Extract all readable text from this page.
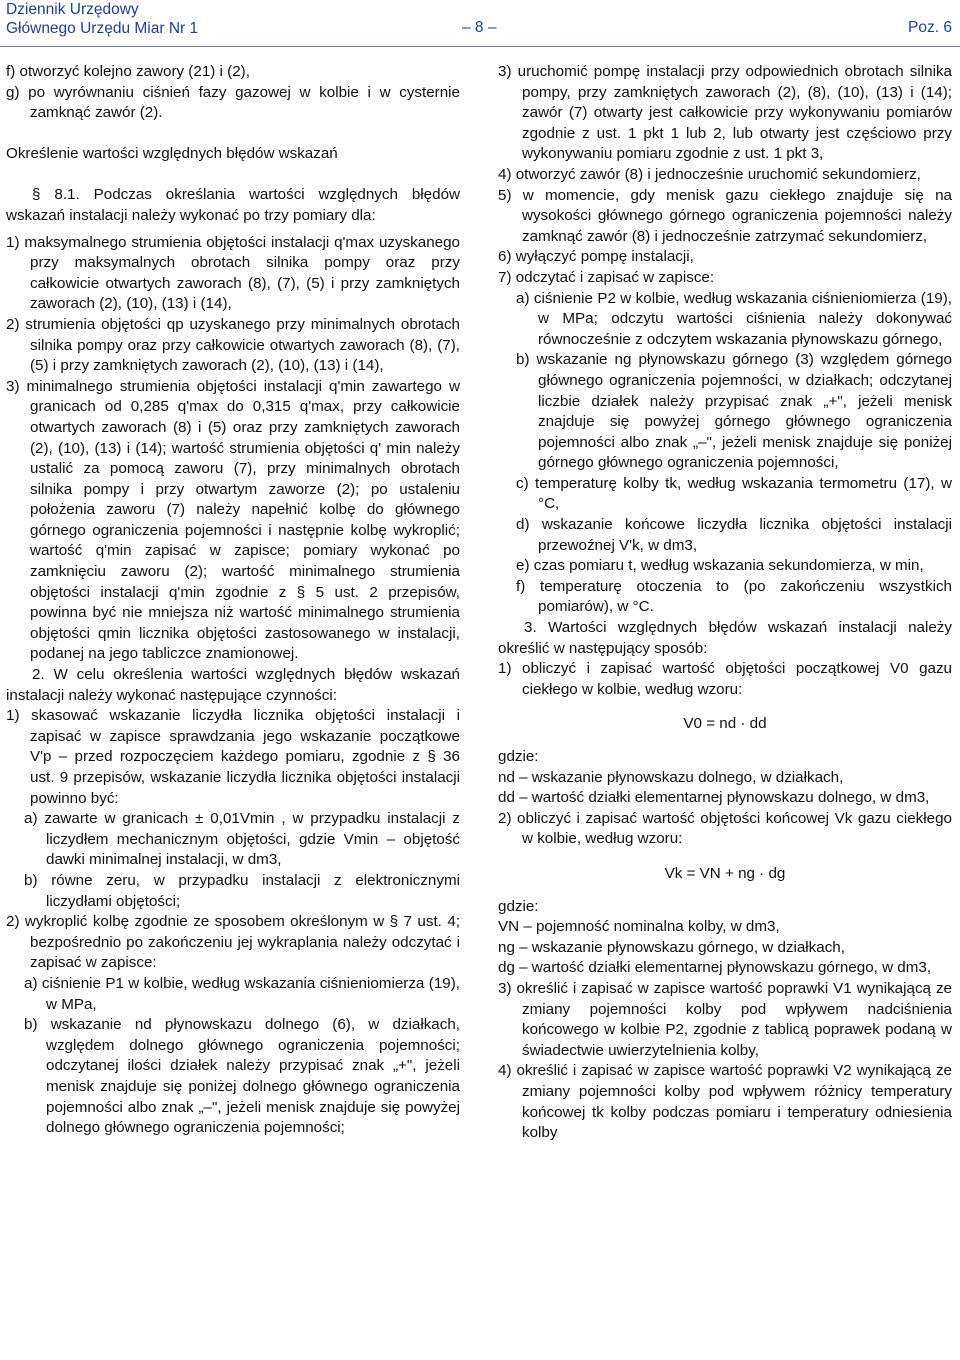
Dziennik Urzędowy
Głównego Urzędu Miar Nr 1	– 8 –	Poz. 6

f) otworzyć kolejno zawory (21) i (2),

g) po wyrównaniu ciśnień fazy gazowej w kolbie i w cysternie zamknąć zawór (2).

Określenie wartości względnych błędów wskazań

§ 8.1. Podczas określania wartości względnych błędów wskazań instalacji należy wykonać po trzy pomiary dla:

1) maksymalnego strumienia objętości instalacji q'max uzyskanego przy maksymalnych obrotach silnika pompy oraz przy całkowicie otwartych zaworach (8), (7), (5) i przy zamkniętych zaworach (2), (10), (13) i (14),

2) strumienia objętości qp uzyskanego przy minimalnych obrotach silnika pompy oraz przy całkowicie otwartych zaworach (8), (7), (5) i przy zamkniętych zaworach (2), (10), (13) i (14),

3) minimalnego strumienia objętości instalacji q'min zawartego w granicach od 0,285 q'max do 0,315 q'max, przy całkowicie otwartych zaworach (8) i (5) oraz przy zamkniętych zaworach (2), (10), (13) i (14); wartość strumienia objętości q' min należy ustalić za pomocą zaworu (7), przy minimalnych obrotach silnika pompy i przy otwartym zaworze (2); po ustaleniu położenia zaworu (7) należy napełnić kolbę do głównego górnego ograniczenia pojemności i następnie kolbę wykroplić; wartość q'min zapisać w zapisce; pomiary wykonać po zamknięciu zaworu (2); wartość minimalnego strumienia objętości instalacji q'min zgodnie z § 5 ust. 2 przepisów, powinna być nie mniejsza niż wartość minimalnego strumienia objętości qmin licznika objętości zastosowanego w instalacji, podanej na jego tabliczce znamionowej.

2. W celu określenia wartości względnych błędów wskazań instalacji należy wykonać następujące czynności:

1) skasować wskazanie liczydła licznika objętości instalacji i zapisać w zapisce sprawdzania jego wskazanie początkowe V'p – przed rozpoczęciem każdego pomiaru, zgodnie z § 36 ust. 9 przepisów, wskazanie liczydła licznika objętości instalacji powinno być:

a) zawarte w granicach ± 0,01Vmin , w przypadku instalacji z liczydłem mechanicznym objętości, gdzie Vmin – objętość dawki minimalnej instalacji, w dm3,

b) równe zeru, w przypadku instalacji z elektronicznymi liczydłami objętości;

2) wykroplić kolbę zgodnie ze sposobem określonym w § 7 ust. 4; bezpośrednio po zakończeniu jej wykraplania należy odczytać i zapisać w zapisce:

a) ciśnienie P1 w kolbie, według wskazania ciśnieniomierza (19), w MPa,

b) wskazanie nd płynowskazu dolnego (6), w działkach, względem dolnego głównego ograniczenia pojemności; odczytanej ilości działek należy przypisać znak „+", jeżeli menisk znajduje się poniżej dolnego głównego ograniczenia pojemności albo znak „–", jeżeli menisk znajduje się powyżej dolnego głównego ograniczenia pojemności;

3) uruchomić pompę instalacji przy odpowiednich obrotach silnika pompy, przy zamkniętych zaworach (2), (8), (10), (13) i (14); zawór (7) otwarty jest całkowicie przy wykonywaniu pomiarów zgodnie z ust. 1 pkt 1 lub 2, lub otwarty jest częściowo przy wykonywaniu pomiaru zgodnie z ust. 1 pkt 3,

4) otworzyć zawór (8) i jednocześnie uruchomić sekundomierz,

5) w momencie, gdy menisk gazu ciekłego znajduje się na wysokości głównego górnego ograniczenia pojemności należy zamknąć zawór (8) i jednocześnie zatrzymać sekundomierz,

6) wyłączyć pompę instalacji,

7) odczytać i zapisać w zapisce:

a) ciśnienie P2 w kolbie, według wskazania ciśnieniomierza (19), w MPa; odczytu wartości ciśnienia należy dokonywać równocześnie z odczytem wskazania płynowskazu górnego,

b) wskazanie ng płynowskazu górnego (3) względem górnego głównego ograniczenia pojemności, w działkach; odczytanej liczbie działek należy przypisać znak „+", jeżeli menisk znajduje się powyżej górnego głównego ograniczenia pojemności albo znak „–", jeżeli menisk znajduje się poniżej górnego głównego ograniczenia pojemności,

c) temperaturę kolby tk, według wskazania termometru (17), w °C,

d) wskazanie końcowe liczydła licznika objętości instalacji przewoźnej V'k, w dm3,

e) czas pomiaru t, według wskazania sekundomierza, w min,

f) temperaturę otoczenia to (po zakończeniu wszystkich pomiarów), w °C.

3. Wartości względnych błędów wskazań instalacji należy określić w następujący sposób:

1) obliczyć i zapisać wartość objętości początkowej V0 gazu ciekłego w kolbie, według wzoru:

V0 = nd · dd

gdzie:

nd – wskazanie płynowskazu dolnego, w działkach,

dd – wartość działki elementarnej płynowskazu dolnego, w dm3,

2) obliczyć i zapisać wartość objętości końcowej Vk gazu ciekłego w kolbie, według wzoru:

Vk = VN + ng · dg

gdzie:

VN – pojemność nominalna kolby, w dm3,

ng – wskazanie płynowskazu górnego, w działkach,

dg – wartość działki elementarnej płynowskazu górnego, w dm3,

3) określić i zapisać w zapisce wartość poprawki V1 wynikającą ze zmiany pojemności kolby pod wpływem nadciśnienia końcowego w kolbie P2, zgodnie z tablicą poprawek podaną w świadectwie uwierzytelnienia kolby,

4) określić i zapisać w zapisce wartość poprawki V2 wynikającą ze zmiany pojemności kolby pod wpływem różnicy temperatury końcowej tk kolby podczas pomiaru i temperatury odniesienia kolby
